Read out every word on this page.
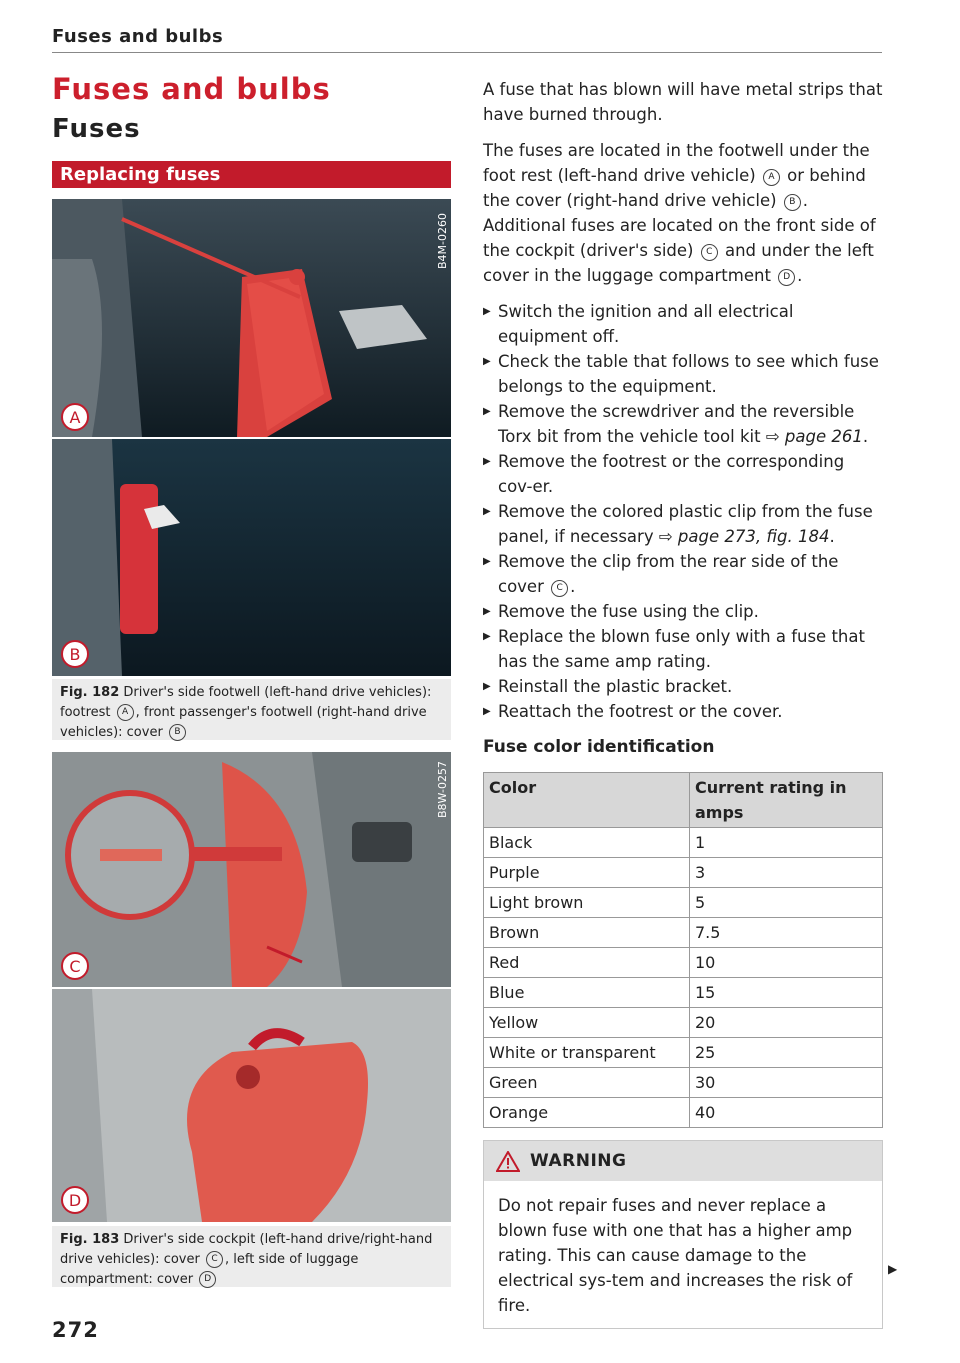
Fuses and bulbs
Fuses and bulbs
Fuses
Replacing fuses
A
B
B4M-0260
Fig. 182 Driver's side footwell (left-hand drive vehicles): footrest A , front passenger's footwell (right-hand drive vehicles): cover B
C
D
B8W-0257
Fig. 183 Driver's side cockpit (left-hand drive/right-hand drive vehicles): cover C , left side of luggage compartment: cover D
272

A fuse that has blown will have metal strips that have burned through.

The fuses are located in the footwell under the foot rest (left-hand drive vehicle) A or behind the cover (right-hand drive vehicle) B . Additional fuses are located on the front side of the cockpit (driver's side) C and under the left cover in the luggage compartment D .

▶ Switch the ignition and all electrical equipment off.
▶ Check the table that follows to see which fuse belongs to the equipment.
▶ Remove the screwdriver and the reversible Torx bit from the vehicle tool kit ⇨ page 261.
▶ Remove the footrest or the corresponding cov-er.
▶ Remove the colored plastic clip from the fuse panel, if necessary ⇨ page 273, fig. 184.
▶ Remove the clip from the rear side of the cover C .
▶ Remove the fuse using the clip.
▶ Replace the blown fuse only with a fuse that has the same amp rating.
▶ Reinstall the plastic bracket.
▶ Reattach the footrest or the cover.
Fuse color identification
Color	Current rating in amps
Black	1
Purple	3
Light brown	5
Brown	7.5
Red	10
Blue	15
Yellow	20
White or transparent	25
Green	30
Orange	40
WARNING
Do not repair fuses and never replace a blown fuse with one that has a higher amp rating. This can cause damage to the electrical sys-tem and increases the risk of fire.
▶
